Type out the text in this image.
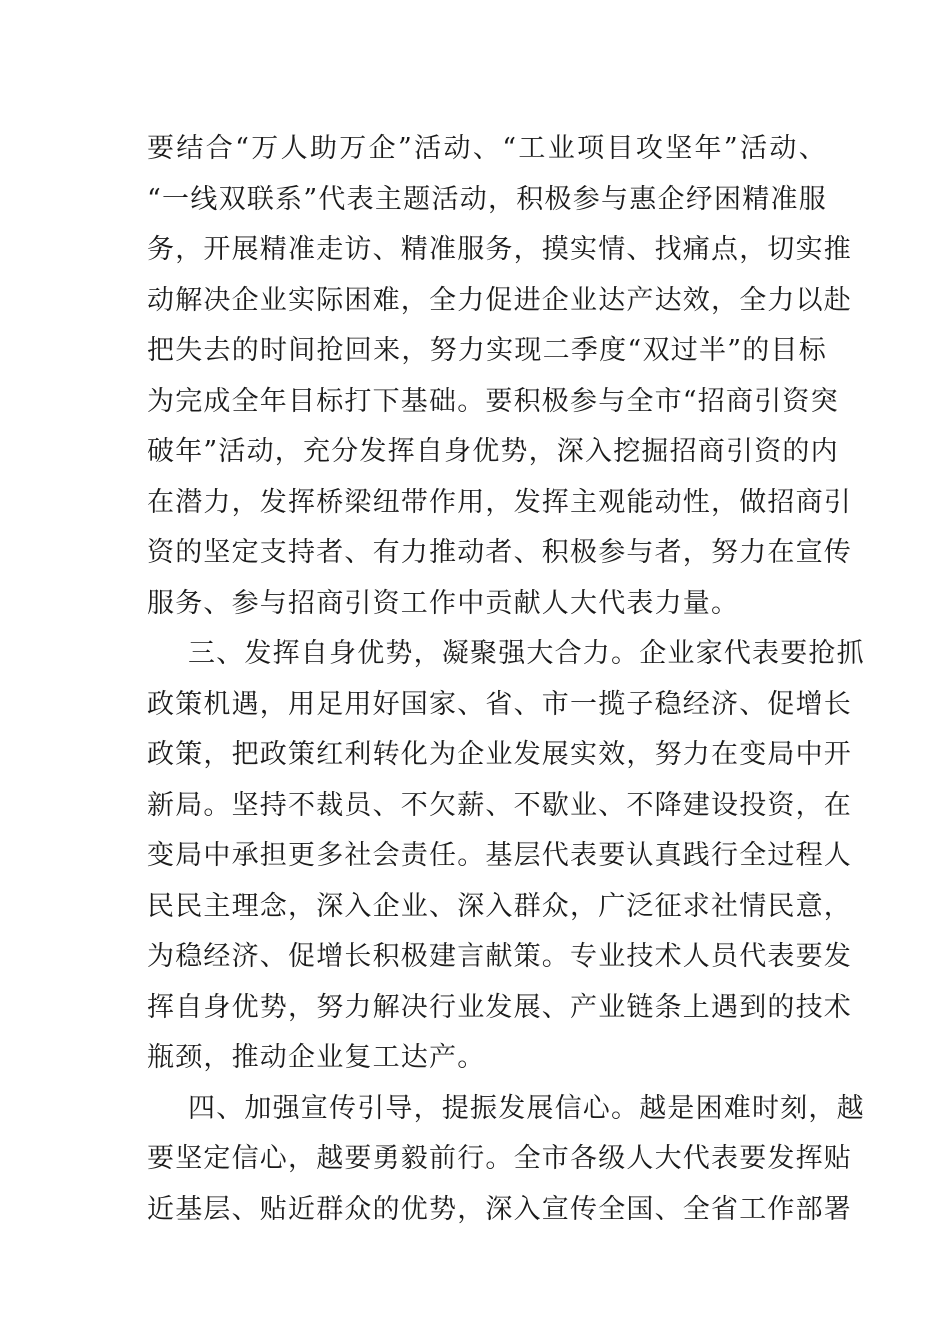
要结合“万人助万企”活动、“工业项目攻坚年”活动、
“一线双联系”代表主题活动，积极参与惠企纾困精准服
务，开展精准走访、精准服务，摸实情、找痛点，切实推
动解决企业实际困难，全力促进企业达产达效，全力以赴
把失去的时间抢回来，努力实现二季度“双过半”的目标
为完成全年目标打下基础。要积极参与全市“招商引资突
破年”活动，充分发挥自身优势，深入挖掘招商引资的内
在潜力，发挥桥梁纽带作用，发挥主观能动性，做招商引
资的坚定支持者、有力推动者、积极参与者，努力在宣传
服务、参与招商引资工作中贡献人大代表力量。
三、发挥自身优势，凝聚强大合力。企业家代表要抢抓
政策机遇，用足用好国家、省、市一揽子稳经济、促增长
政策，把政策红利转化为企业发展实效，努力在变局中开
新局。坚持不裁员、不欠薪、不歇业、不降建设投资，在
变局中承担更多社会责任。基层代表要认真践行全过程人
民民主理念，深入企业、深入群众，广泛征求社情民意，
为稳经济、促增长积极建言献策。专业技术人员代表要发
挥自身优势，努力解决行业发展、产业链条上遇到的技术
瓶颈，推动企业复工达产。
四、加强宣传引导，提振发展信心。越是困难时刻，越
要坚定信心，越要勇毅前行。全市各级人大代表要发挥贴
近基层、贴近群众的优势，深入宣传全国、全省工作部署
